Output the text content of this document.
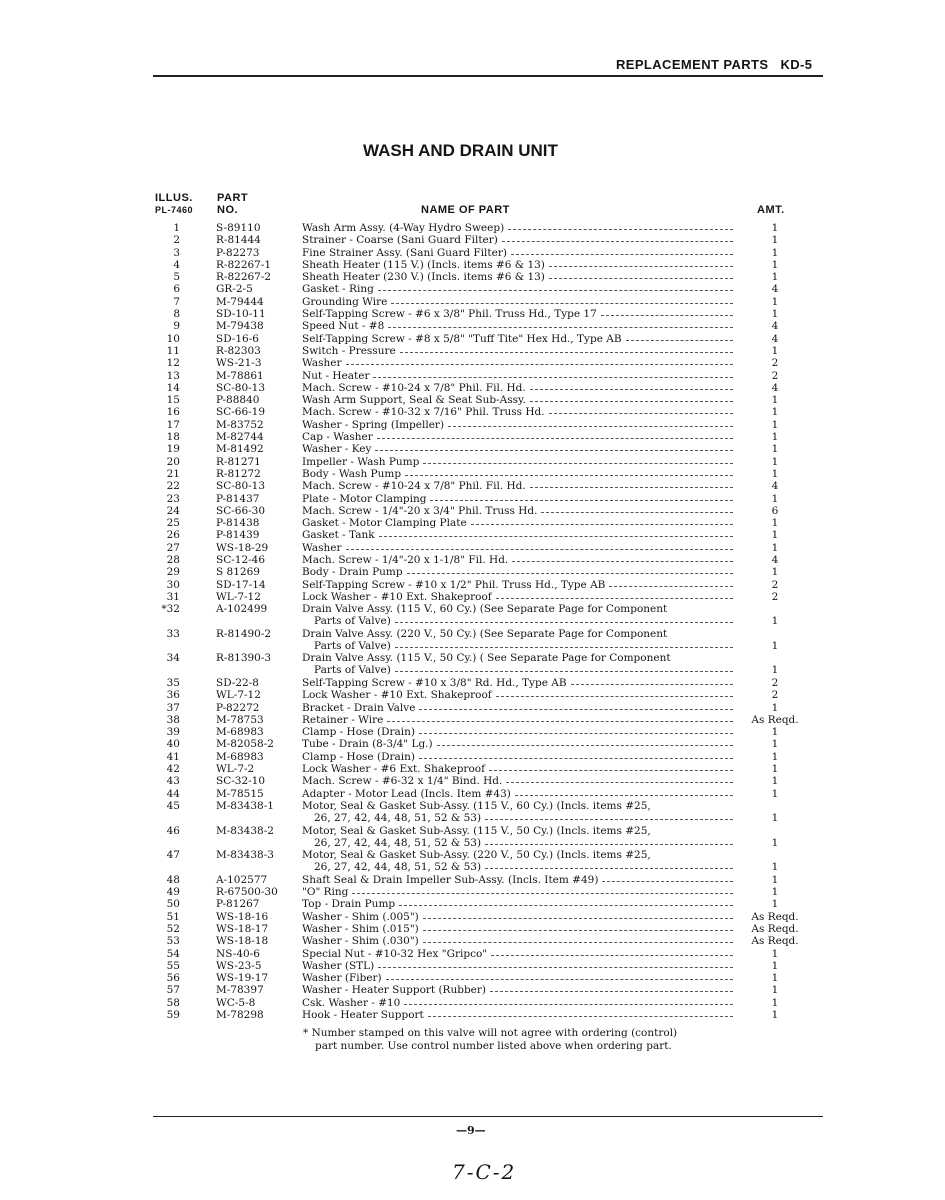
REPLACEMENT PARTS KD-5
WASH AND DRAIN UNIT
ILLUS.
PL-7460
PART
NO.	NAME OF PART	AMT.
1	S-89110	Wash Arm Assy. (4-Way Hydro Sweep)	1
2	R-81444	Strainer - Coarse (Sani Guard Filter)	1
3	P-82273	Fine Strainer Assy. (Sani Guard Filter)	1
4	R-82267-1	Sheath Heater (115 V.) (Incls. items #6 & 13)	1
5	R-82267-2	Sheath Heater (230 V.) (Incls. items #6 & 13)	1
6	GR-2-5	Gasket - Ring	4
7	M-79444	Grounding Wire	1
8	SD-10-11	Self-Tapping Screw - #6 x 3/8" Phil. Truss Hd., Type 17	1
9	M-79438	Speed Nut - #8	4
10	SD-16-6	Self-Tapping Screw - #8 x 5/8" "Tuff Tite" Hex Hd., Type AB	4
11	R-82303	Switch - Pressure	1
12	WS-21-3	Washer	2
13	M-78861	Nut - Heater	2
14	SC-80-13	Mach. Screw - #10-24 x 7/8" Phil. Fil. Hd.	4
15	P-88840	Wash Arm Support, Seal & Seat Sub-Assy.	1
16	SC-66-19	Mach. Screw - #10-32 x 7/16" Phil. Truss Hd.	1
17	M-83752	Washer - Spring (Impeller)	1
18	M-82744	Cap - Washer	1
19	M-81492	Washer - Key	1
20	R-81271	Impeller - Wash Pump	1
21	R-81272	Body - Wash Pump	1
22	SC-80-13	Mach. Screw - #10-24 x 7/8" Phil. Fil. Hd.	4
23	P-81437	Plate - Motor Clamping	1
24	SC-66-30	Mach. Screw - 1/4"-20 x 3/4" Phil. Truss Hd.	6
25	P-81438	Gasket - Motor Clamping Plate	1
26	P-81439	Gasket - Tank	1
27	WS-18-29	Washer	1
28	SC-12-46	Mach. Screw - 1/4"-20 x 1-1/8" Fil. Hd.	4
29	S 81269	Body - Drain Pump	1
30	SD-17-14	Self-Tapping Screw - #10 x 1/2" Phil. Truss Hd., Type AB	2
31	WL-7-12	Lock Washer - #10 Ext. Shakeproof	2
*32	A-102499	Drain Valve Assy. (115 V., 60 Cy.) (See Separate Page for Component
Parts of Valve)	1
33	R-81490-2	Drain Valve Assy. (220 V., 50 Cy.) (See Separate Page for Component
Parts of Valve)	1
34	R-81390-3	Drain Valve Assy. (115 V., 50 Cy.) ( See Separate Page for Component
Parts of Valve)	1
35	SD-22-8	Self-Tapping Screw - #10 x 3/8" Rd. Hd., Type AB	2
36	WL-7-12	Lock Washer - #10 Ext. Shakeproof	2
37	P-82272	Bracket - Drain Valve	1
38	M-78753	Retainer - Wire	As Reqd.
39	M-68983	Clamp - Hose (Drain)	1
40	M-82058-2	Tube - Drain (8-3/4" Lg.)	1
41	M-68983	Clamp - Hose (Drain)	1
42	WL-7-2	Lock Washer - #6 Ext. Shakeproof	1
43	SC-32-10	Mach. Screw - #6-32 x 1/4" Bind. Hd.	1
44	M-78515	Adapter - Motor Lead (Incls. Item #43)	1
45	M-83438-1	Motor, Seal & Gasket Sub-Assy. (115 V., 60 Cy.) (Incls. items #25,
26, 27, 42, 44, 48, 51, 52 & 53)	1
46	M-83438-2	Motor, Seal & Gasket Sub-Assy. (115 V., 50 Cy.) (Incls. items #25,
26, 27, 42, 44, 48, 51, 52 & 53)	1
47	M-83438-3	Motor, Seal & Gasket Sub-Assy. (220 V., 50 Cy.) (Incls. items #25,
26, 27, 42, 44, 48, 51, 52 & 53)	1
48	A-102577	Shaft Seal & Drain Impeller Sub-Assy. (Incls. Item #49)	1
49	R-67500-30 "O" Ring	1
50	P-81267	Top - Drain Pump	1
51	WS-18-16	Washer - Shim (.005")	As Reqd.
52	WS-18-17	Washer - Shim (.015")	As Reqd.
53	WS-18-18	Washer - Shim (.030")	As Reqd.
54	NS-40-6	Special Nut - #10-32 Hex "Gripco"	1
55	WS-23-5	Washer (STL)	1
56	WS-19-17	Washer (Fiber)	1
57	M-78397	Washer - Heater Support (Rubber)	1
58	WC-5-8	Csk. Washer - #10	1
59	M-78298	Hook - Heater Support	1
* Number stamped on this valve will not agree with ordering (control)
part number. Use control number listed above when ordering part.
—9—
7-C-2
